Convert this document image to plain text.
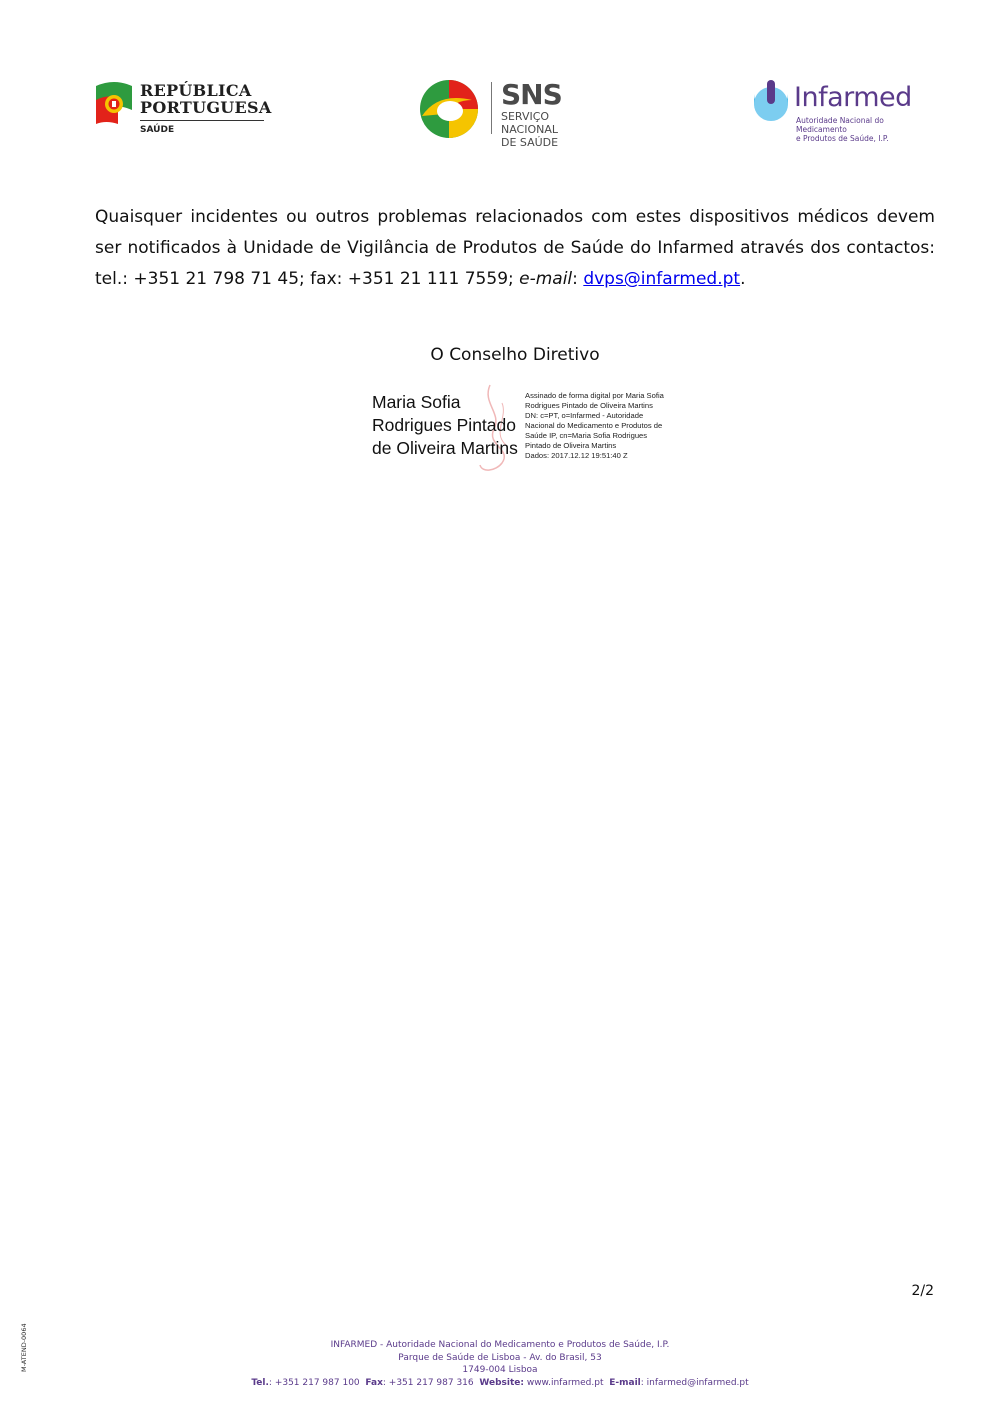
REPÚBLICA
PORTUGUESA
SAÚDE
SNS
SERVIÇO NACIONAL
DE SAÚDE
Infarmed
Autoridade Nacional do Medicamento
e Produtos de Saúde, I.P.

Quaisquer incidentes ou outros problemas relacionados com estes dispositivos médicos devem ser notificados à Unidade de Vigilância de Produtos de Saúde do Infarmed através dos contactos: tel.: +351 21 798 71 45; fax: +351 21 111 7559; e-mail: dvps@infarmed.pt.

O Conselho Diretivo
Maria Sofia
Rodrigues Pintado
de Oliveira Martins
Assinado de forma digital por Maria Sofia
Rodrigues Pintado de Oliveira Martins
DN: c=PT, o=Infarmed - Autoridade
Nacional do Medicamento e Produtos de
Saúde IP, cn=Maria Sofia Rodrigues
Pintado de Oliveira Martins
Dados: 2017.12.12 19:51:40 Z
2/2
M-ATEND-0064	INFARMED - Autoridade Nacional do Medicamento e Produtos de Saúde, I.P.
Parque de Saúde de Lisboa - Av. do Brasil, 53
1749-004 Lisboa
Tel.: +351 217 987 100 Fax: +351 217 987 316 Website: www.infarmed.pt E-mail: infarmed@infarmed.pt
